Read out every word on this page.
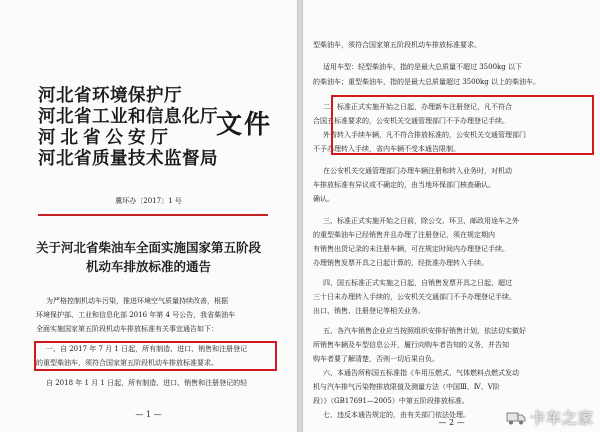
河北省环境保护厅
河北省工业和信息化厅
河北省公安厅
河北省质量技术监督局
文件
冀环办〔2017〕1 号
关于河北省柴油车全面实施国家第五阶段
机动车排放标准的通告
为严格控制机动车污染，推进环境空气质量持续改善，根据
环境保护部、工业和信息化部 2016 年第 4 号公告，我省柴油车
全面实施国家第五阶段机动车排放标准有关事宜通告如下：
一、自 2017 年 7 月 1 日起，所有制造、进口、销售和注册登记
的重型柴油车，须符合国家第五阶段机动车排放标准要求。
自 2018 年 1 月 1 日起，所有制造、进口、销售和注册登记的轻
— 1 —
型柴油车，须符合国家第五阶段机动车排放标准要求。
适用车型：轻型柴油车，指的是最大总质量不超过 3500kg 以下
的柴油车；重型柴油车，指的是最大总质量超过 3500kg 以上的柴油车。
二、标准正式实施开始之日起，办理新车注册登记，凡不符合
合国五标准要求的，公安机关交通管理部门不予办理登记手续。
外省转入手续车辆，凡不符合排放标准的，公安机关交通管理部门
不予办理转入手续，省内车辆不受本通告限制。
在公安机关交通管理部门办理车辆注册和转入业务时，对机动
车排放标准有异议或不确定的，由当地环保部门核查确认。
确认。
三、标准正式实施开始之日前，除公交、环卫、邮政用途车之外
的重型柴油车已经销售并且办理了注册登记，须在规定期内
有销售出货记录的未注册车辆，可在规定时间内办理登记手续。
办理销售发票开具之日起计算的，经批准办理转入手续。
四、国五标准正式实施之日起，自销售发票开具之日起，超过
三十日未办理转入手续的，公安机关交通部门不予办理登记手续。
出口、销售、注册登记等相关业务。
五、各汽车销售企业应当按照组织安排好销售计划，依法切实做好
所销售车辆及车型信息公开，履行向购车者告知的义务，并告知
购车者要了解清楚，否则一切后果自负。
六、本通告所称国五标准指《车用压燃式、气体燃料点燃式发动
机与汽车排气污染物排放限值及测量方法（中国Ⅲ、Ⅳ、Ⅴ阶
段）》（GB17691—2005）中第五阶段排放标准。
七、违反本通告规定的，由有关部门依法处理。
— 2 —	卡车之家
